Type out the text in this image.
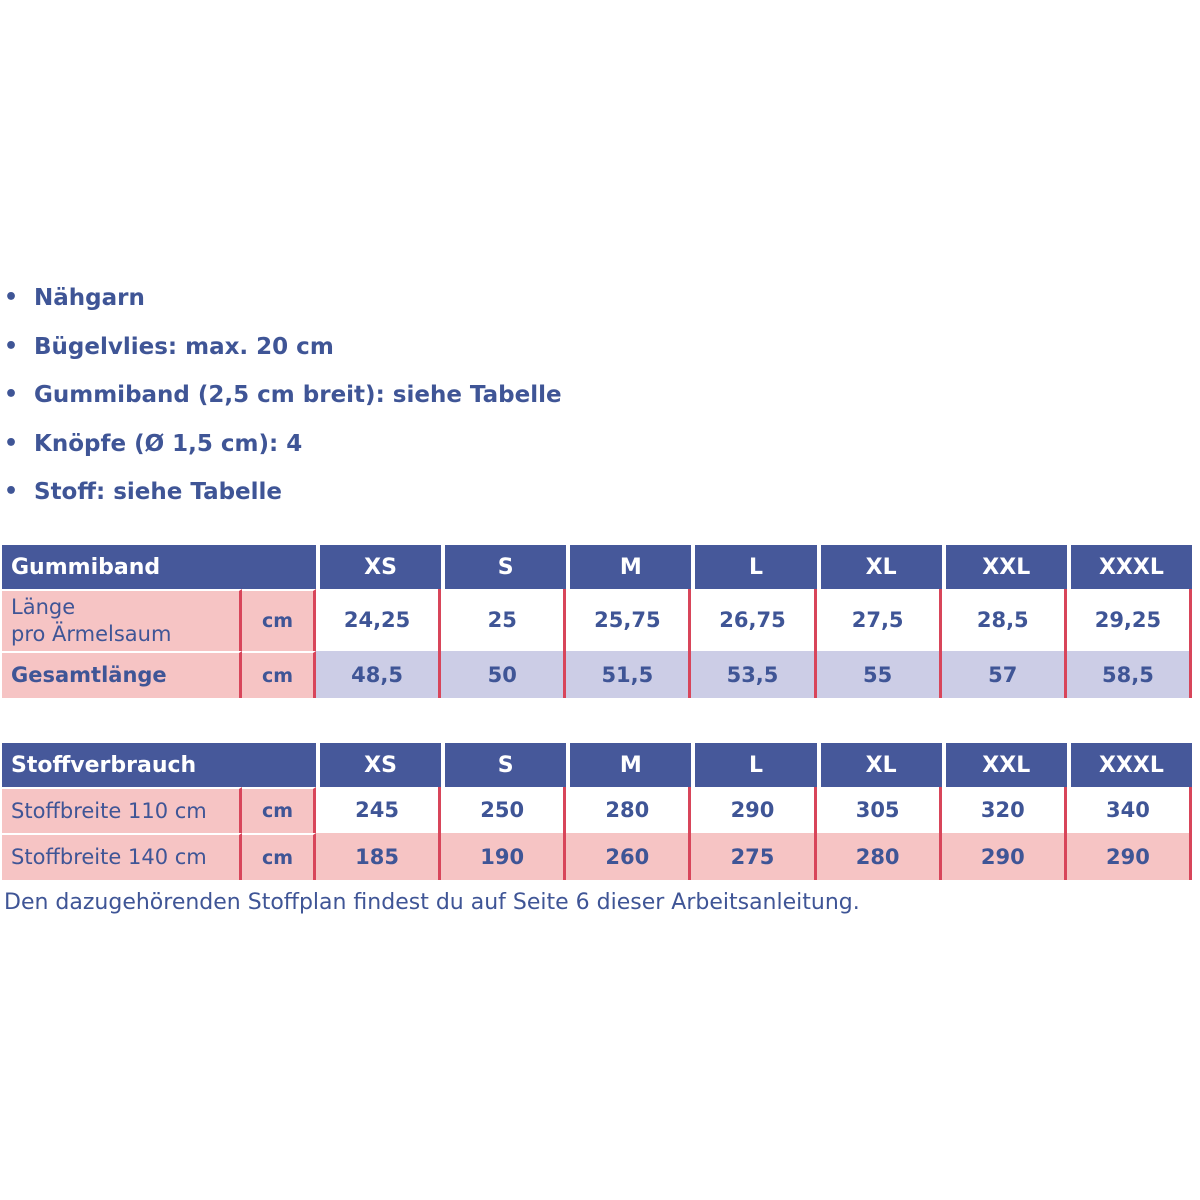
• Nähgarn
• Bügelvlies: max. 20 cm
• Gummiband (2,5 cm breit): siehe Tabelle
• Knöpfe (Ø 1,5 cm): 4
• Stoff: siehe Tabelle
Gummiband		XS	S	M	L	XL	XXL	XXXL
Länge
pro Ärmelsaum	cm	24,25	25	25,75	26,75	27,5	28,5	29,25
Gesamtlänge	cm	48,5	50	51,5	53,5	55	57	58,5
Stoffverbrauch		XS	S	M	L	XL	XXL	XXXL
Stoffbreite 110 cm	cm	245	250	280	290	305	320	340
Stoffbreite 140 cm	cm	185	190	260	275	280	290	290
Den dazugehörenden Stoffplan findest du auf Seite 6 dieser Arbeitsanleitung.
